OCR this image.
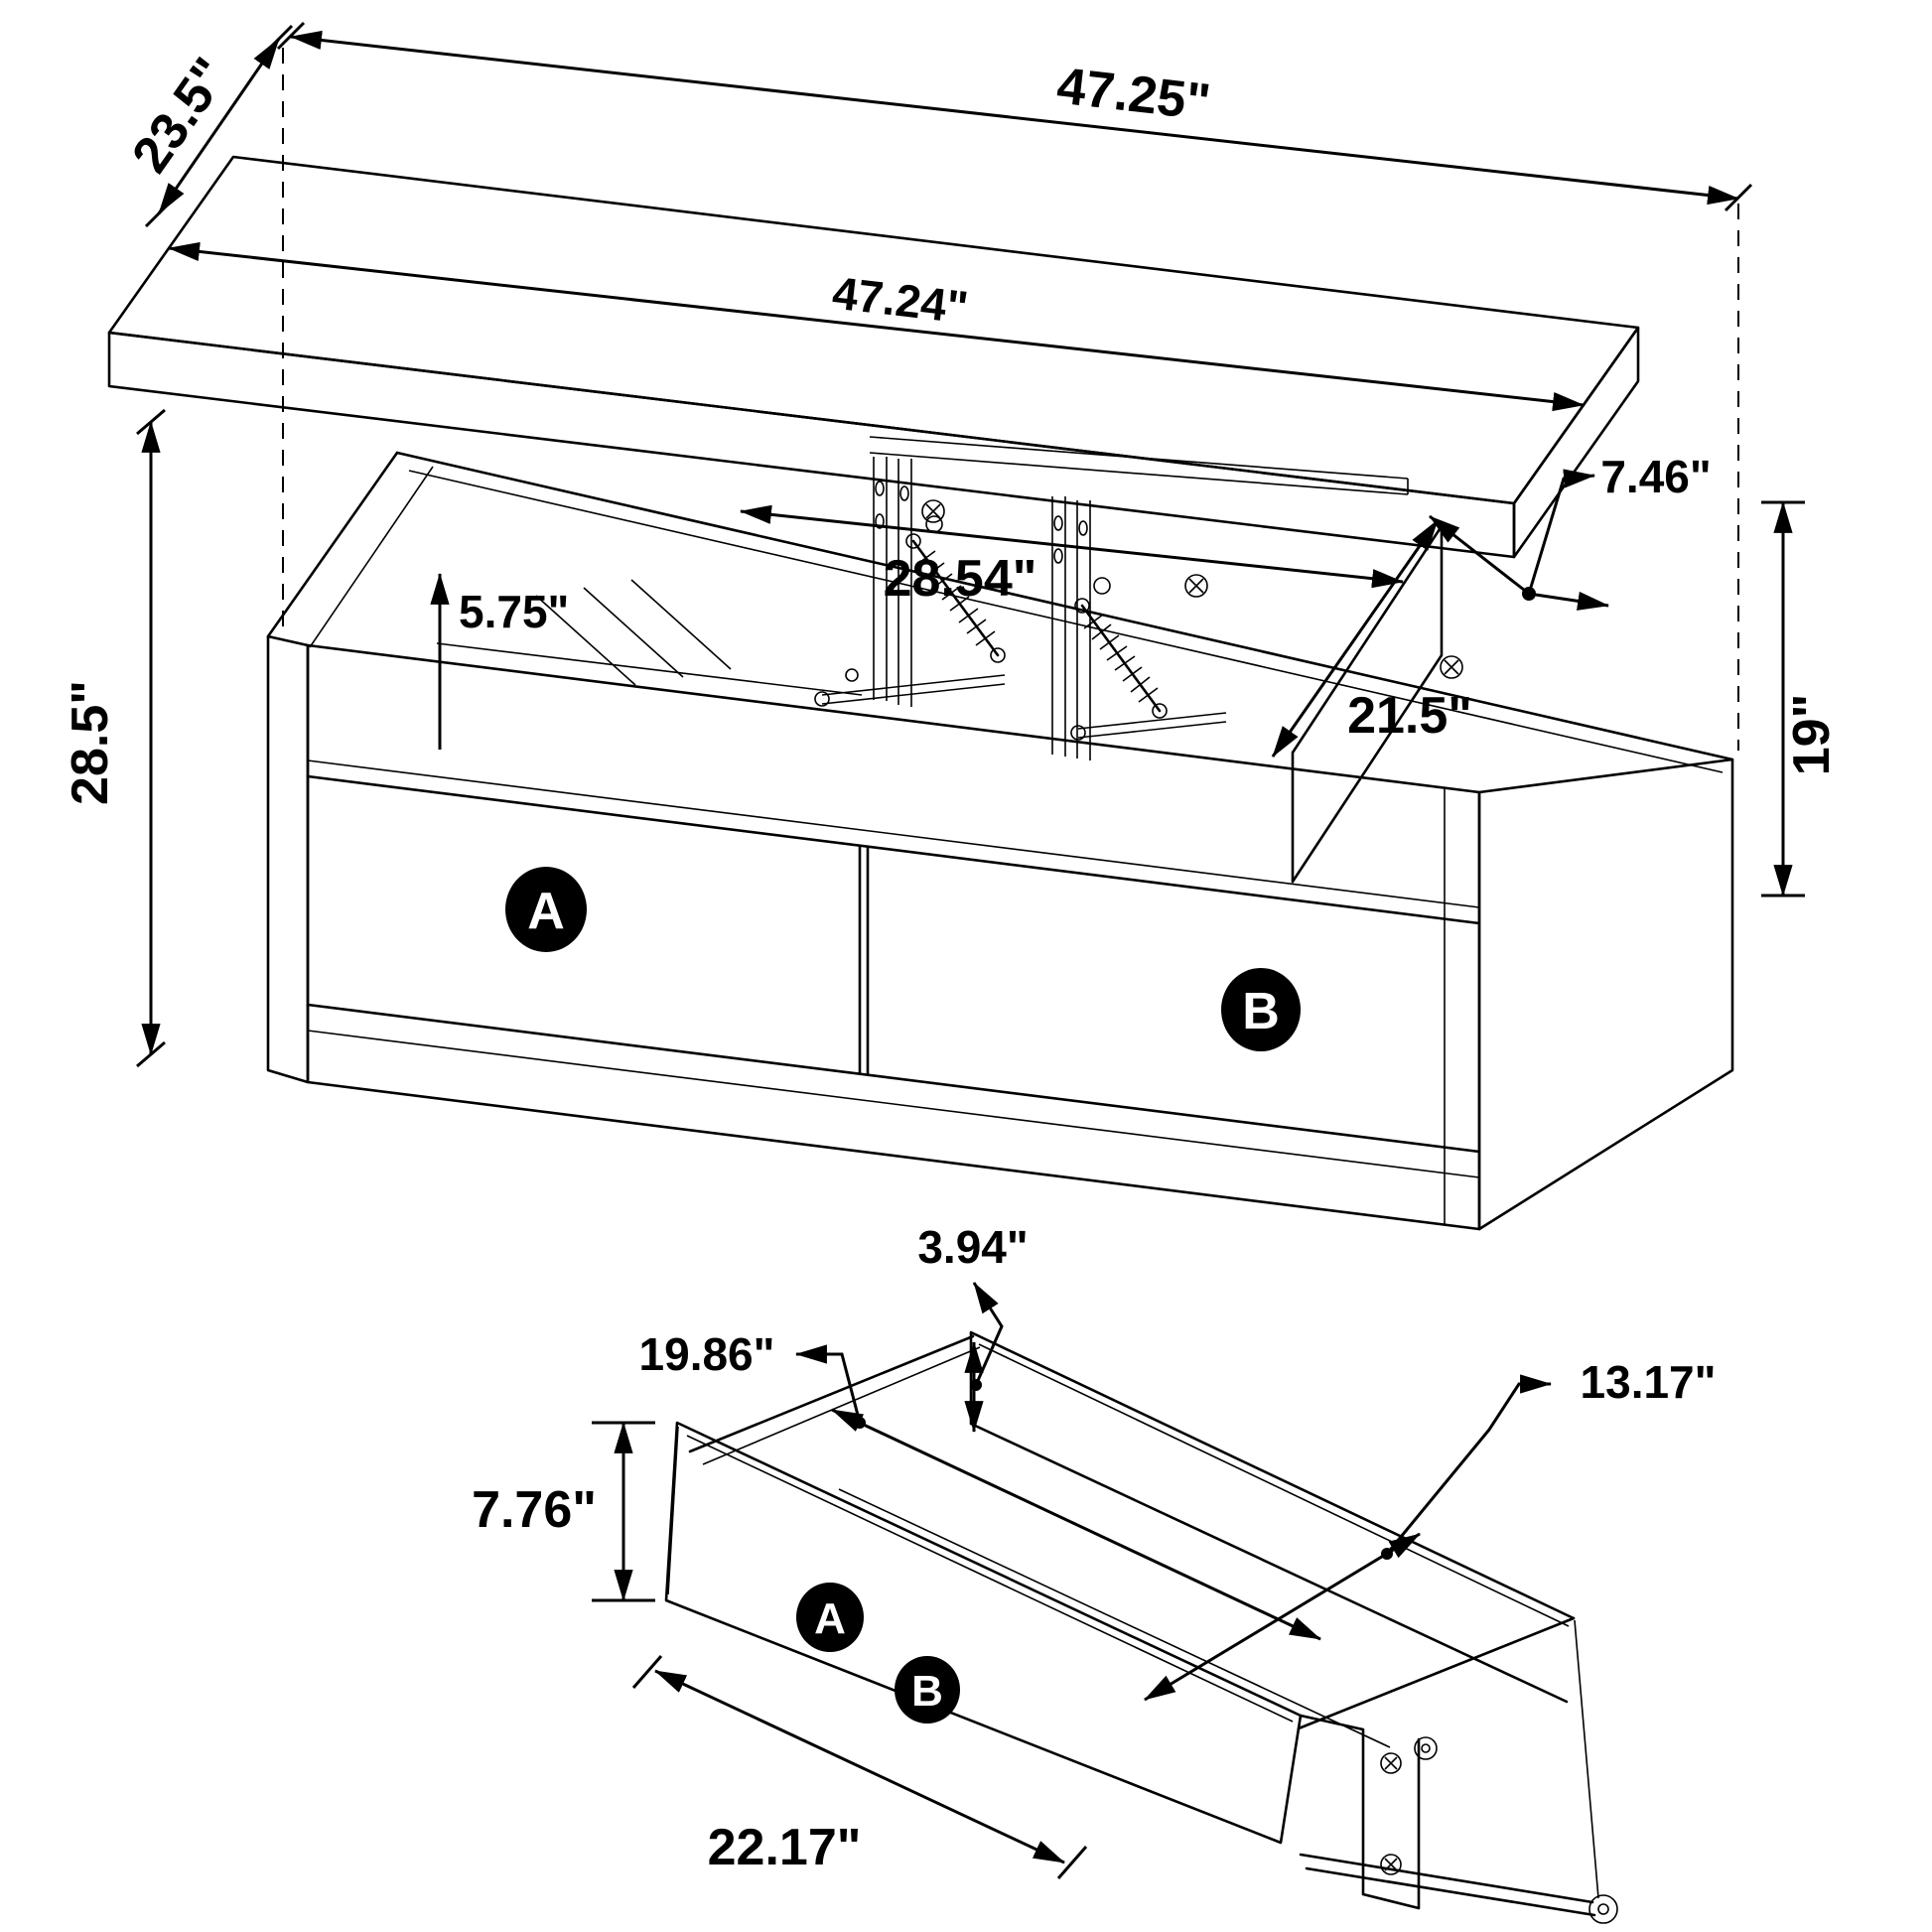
23.5"	47.25"
47.24"
28.5"
5.75"
28.54"
7.46"
21.5"	19"
A
B
7.76"
22.17"
19.86"
3.94"
13.17"
A
B
